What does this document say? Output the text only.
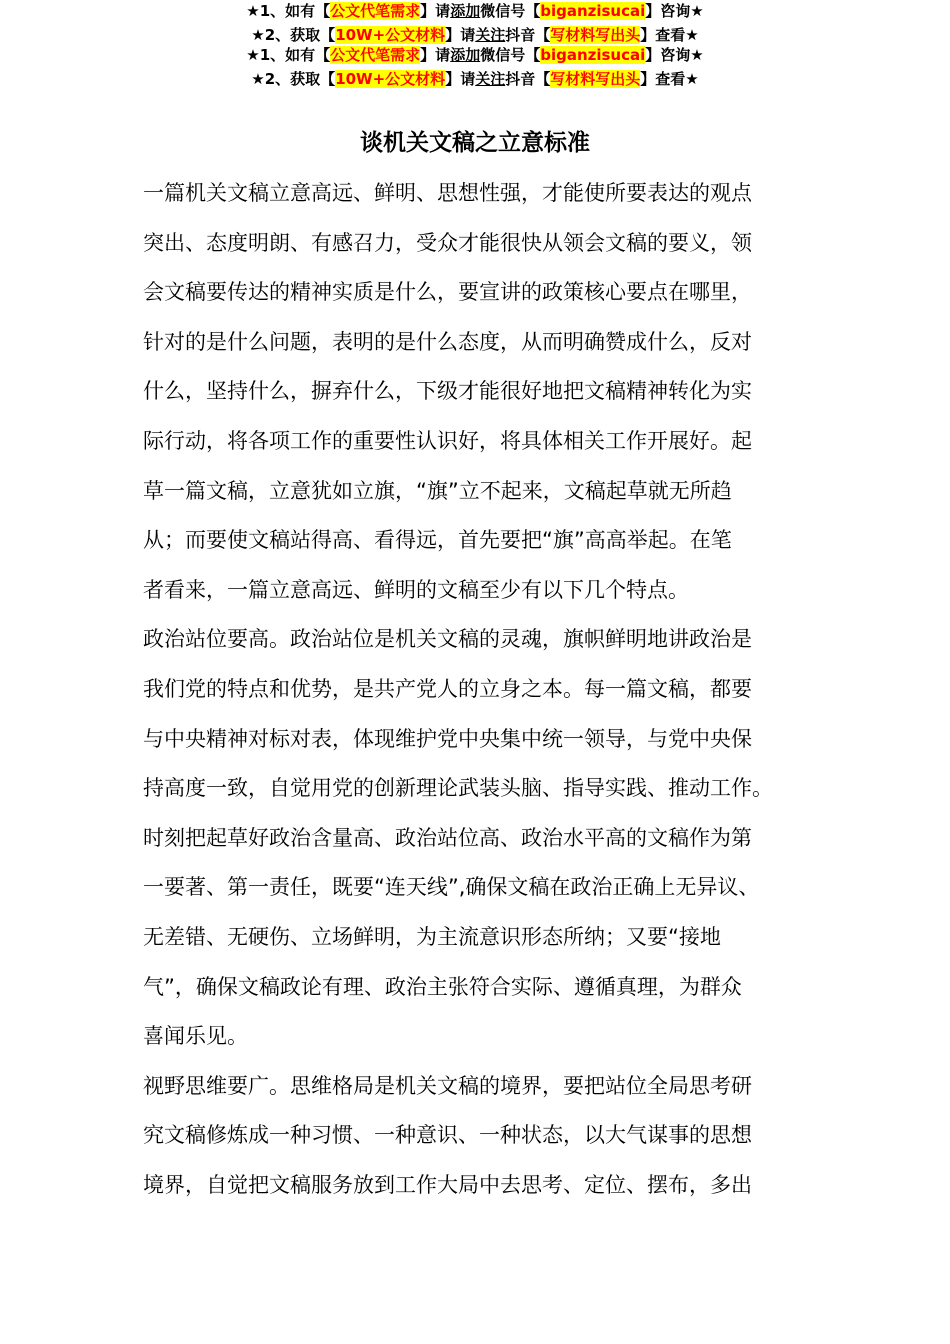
★1、如有【公文代笔需求】请添加微信号【biganzisucai】咨询★
★2、获取【10W+公文材料】请关注抖音【写材料写出头】查看★
谈机关文稿之立意标准
一篇机关文稿立意高远、鲜明、思想性强，才能使所要表达的观点
突出、态度明朗、有感召力，受众才能很快从领会文稿的要义，领
会文稿要传达的精神实质是什么，要宣讲的政策核心要点在哪里，
针对的是什么问题，表明的是什么态度，从而明确赞成什么，反对
什么，坚持什么，摒弃什么，下级才能很好地把文稿精神转化为实
际行动，将各项工作的重要性认识好，将具体相关工作开展好。起
草一篇文稿，立意犹如立旗，“旗”立不起来，文稿起草就无所趋
从；而要使文稿站得高、看得远，首先要把“旗”高高举起。在笔
者看来，一篇立意高远、鲜明的文稿至少有以下几个特点。
政治站位要高。政治站位是机关文稿的灵魂，旗帜鲜明地讲政治是
我们党的特点和优势，是共产党人的立身之本。每一篇文稿，都要
与中央精神对标对表，体现维护党中央集中统一领导，与党中央保
持高度一致，自觉用党的创新理论武装头脑、指导实践、推动工作。
时刻把起草好政治含量高、政治站位高、政治水平高的文稿作为第
一要著、第一责任，既要“连天线”,确保文稿在政治正确上无异议、
无差错、无硬伤、立场鲜明，为主流意识形态所纳；又要“接地
气”，确保文稿政论有理、政治主张符合实际、遵循真理，为群众
喜闻乐见。
视野思维要广。思维格局是机关文稿的境界，要把站位全局思考研
究文稿修炼成一种习惯、一种意识、一种状态，以大气谋事的思想
境界，自觉把文稿服务放到工作大局中去思考、定位、摆布，多出
★1、如有【公文代笔需求】请添加微信号【biganzisucai】咨询★
★2、获取【10W+公文材料】请关注抖音【写材料写出头】查看★
